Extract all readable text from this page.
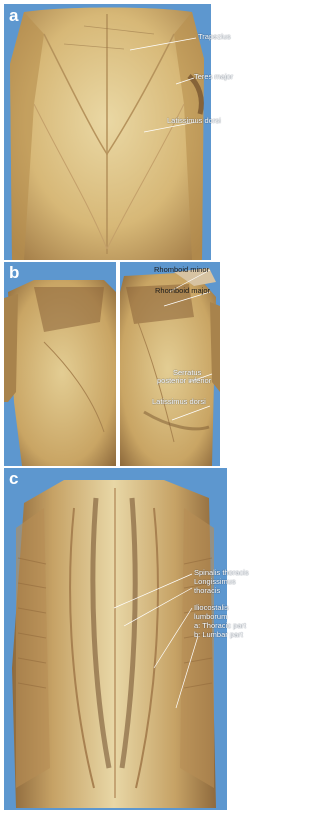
a
Trapezius
Teres major
Latissimus dorsi
b	Rhomboid minor
Rhomboid major
Serratus
posterior inferior
Latissimus dorsi
c
Spinalis thoracis
Longissimus
thoracis
Iliocostalis
lumborum
a: Thoracic part
b: Lumbar part
